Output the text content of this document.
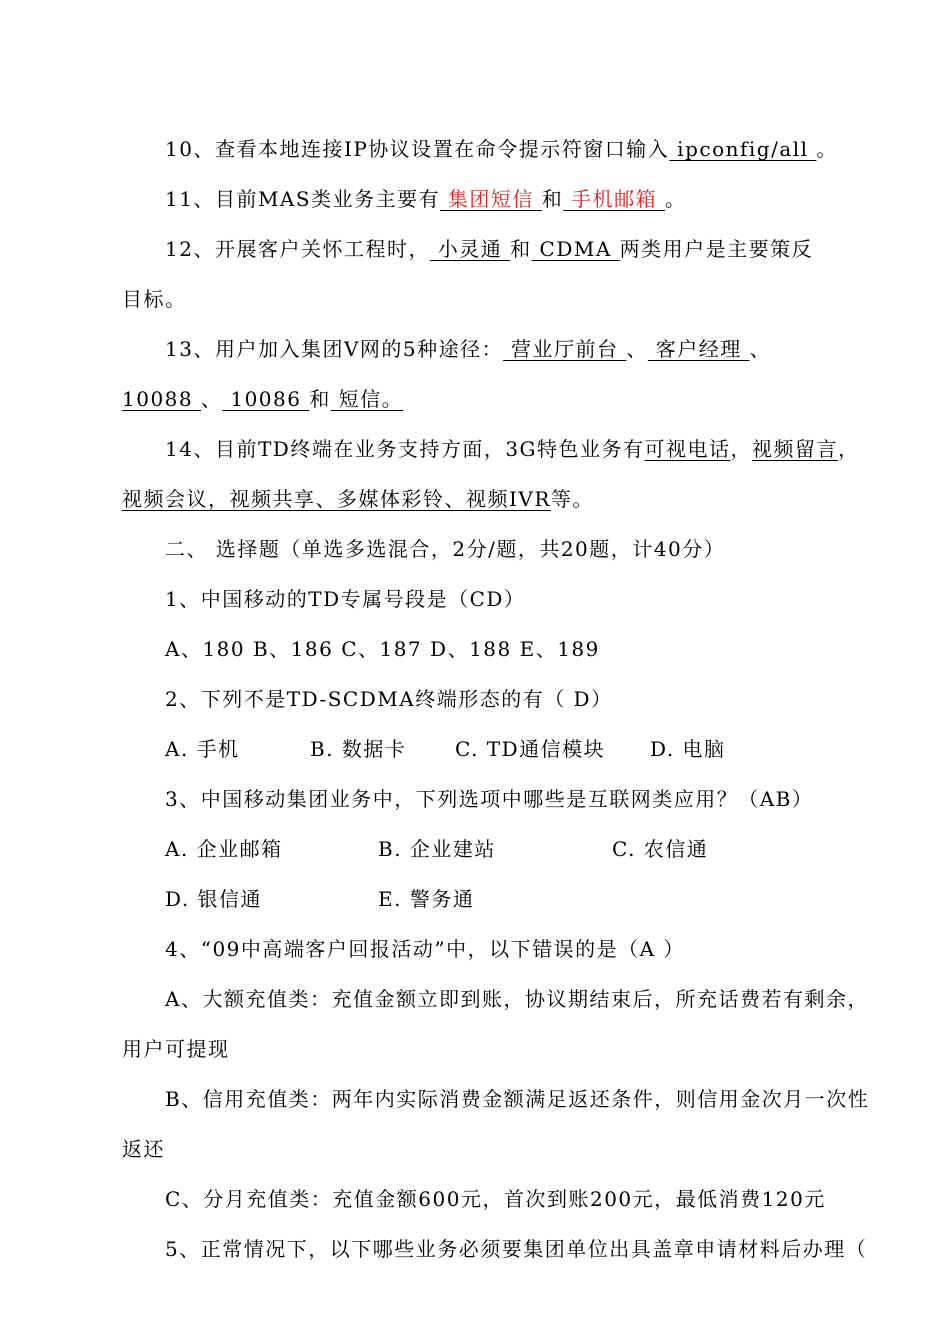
10、查看本地连接IP协议设置在命令提示符窗口输入 ipconfig/all 。
11、目前MAS类业务主要有 集团短信 和 手机邮箱 。
12、开展客户关怀工程时， 小灵通 和 CDMA 两类用户是主要策反
目标。
13、用户加入集团V网的5种途径： 营业厅前台 、 客户经理 、
10088 、 10086 和 短信。
14、目前TD终端在业务支持方面，3G特色业务有可视电话，视频留言，
视频会议，视频共享、多媒体彩铃、视频IVR等。
二、 选择题（单选多选混合，2分/题，共20题，计40分）
1、中国移动的TD专属号段是（CD）
A、180 B、186 C、187 D、188 E、189
2、下列不是TD-SCDMA终端形态的有（ D）
A. 手机	B. 数据卡 C. TD通信模块 D. 电脑
3、中国移动集团业务中，下列选项中哪些是互联网类应用？（AB）
A. 企业邮箱	B. 企业建站	C. 农信通
D. 银信通	E. 警务通
4、“09中高端客户回报活动”中，以下错误的是（A ）
A、大额充值类：充值金额立即到账，协议期结束后，所充话费若有剩余，
用户可提现
B、信用充值类：两年内实际消费金额满足返还条件，则信用金次月一次性
返还
C、分月充值类：充值金额600元，首次到账200元，最低消费120元
5、正常情况下，以下哪些业务必须要集团单位出具盖章申请材料后办理（
